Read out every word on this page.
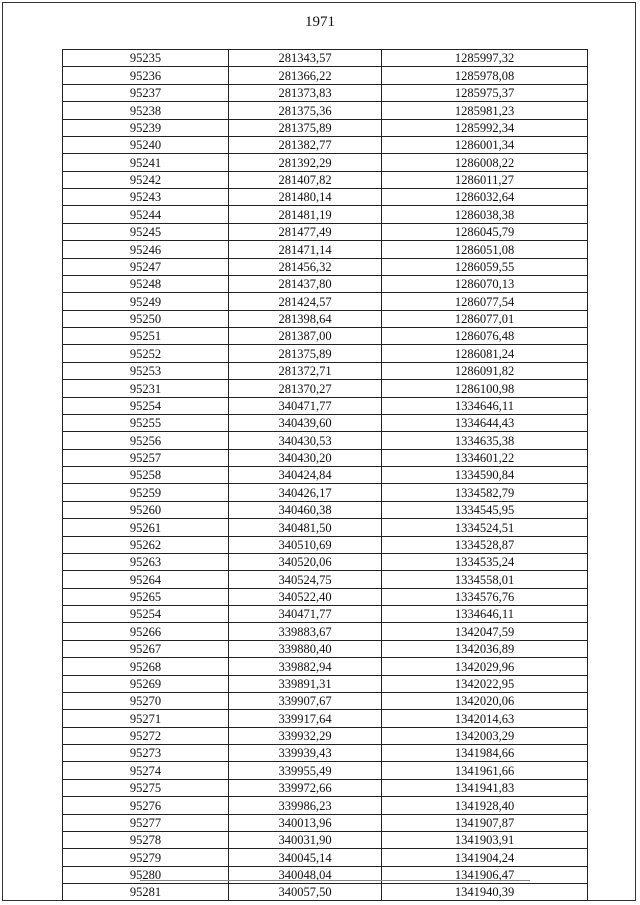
1971
95235	281343,57	1285997,32
95236	281366,22	1285978,08
95237	281373,83	1285975,37
95238	281375,36	1285981,23
95239	281375,89	1285992,34
95240	281382,77	1286001,34
95241	281392,29	1286008,22
95242	281407,82	1286011,27
95243	281480,14	1286032,64
95244	281481,19	1286038,38
95245	281477,49	1286045,79
95246	281471,14	1286051,08
95247	281456,32	1286059,55
95248	281437,80	1286070,13
95249	281424,57	1286077,54
95250	281398,64	1286077,01
95251	281387,00	1286076,48
95252	281375,89	1286081,24
95253	281372,71	1286091,82
95231	281370,27	1286100,98
95254	340471,77	1334646,11
95255	340439,60	1334644,43
95256	340430,53	1334635,38
95257	340430,20	1334601,22
95258	340424,84	1334590,84
95259	340426,17	1334582,79
95260	340460,38	1334545,95
95261	340481,50	1334524,51
95262	340510,69	1334528,87
95263	340520,06	1334535,24
95264	340524,75	1334558,01
95265	340522,40	1334576,76
95254	340471,77	1334646,11
95266	339883,67	1342047,59
95267	339880,40	1342036,89
95268	339882,94	1342029,96
95269	339891,31	1342022,95
95270	339907,67	1342020,06
95271	339917,64	1342014,63
95272	339932,29	1342003,29
95273	339939,43	1341984,66
95274	339955,49	1341961,66
95275	339972,66	1341941,83
95276	339986,23	1341928,40
95277	340013,96	1341907,87
95278	340031,90	1341903,91
95279	340045,14	1341904,24
95280	340048,04	1341906,47
95281	340057,50	1341940,39
